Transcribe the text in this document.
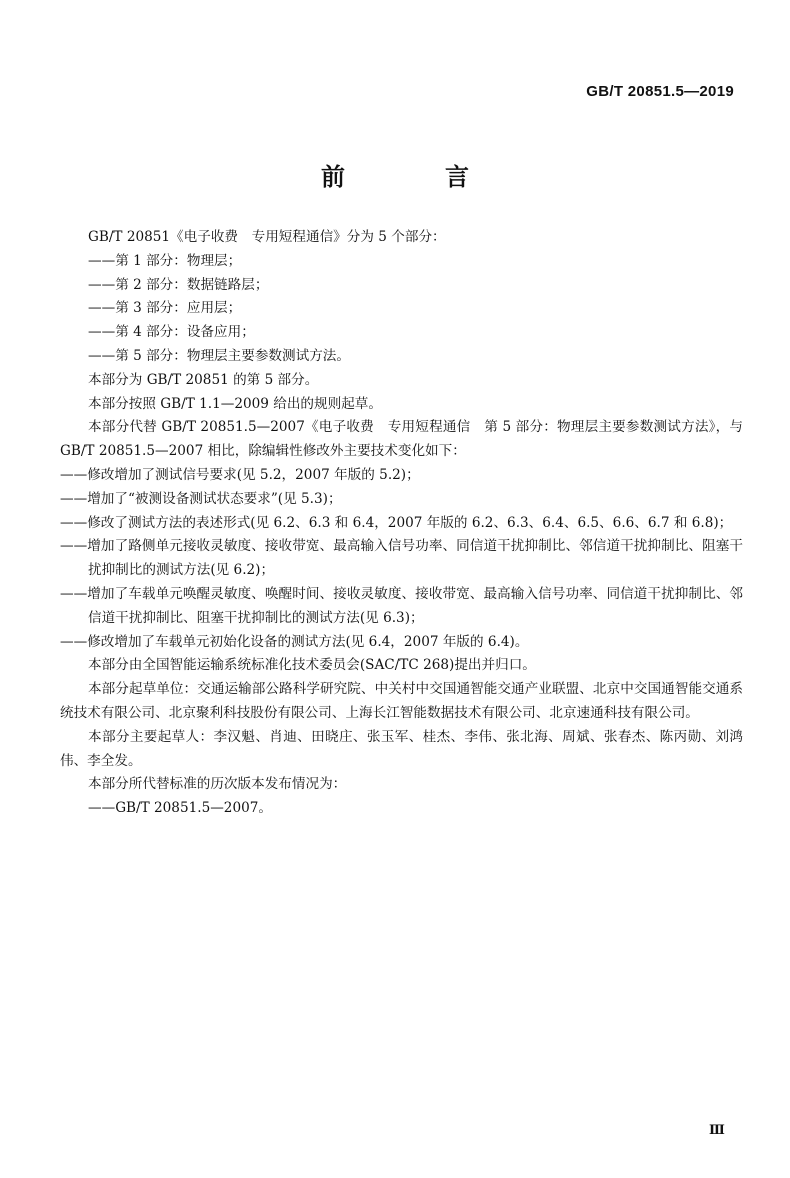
GB/T 20851.5—2019
前　言

GB/T 20851《电子收费　专用短程通信》分为 5 个部分：

——第 1 部分：物理层；

——第 2 部分：数据链路层；

——第 3 部分：应用层；

——第 4 部分：设备应用；

——第 5 部分：物理层主要参数测试方法。

本部分为 GB/T 20851 的第 5 部分。

本部分按照 GB/T 1.1—2009 给出的规则起草。

本部分代替 GB/T 20851.5—2007《电子收费　专用短程通信　第 5 部分：物理层主要参数测试方法》，与 GB/T 20851.5—2007 相比，除编辑性修改外主要技术变化如下：

——修改增加了测试信号要求(见 5.2，2007 年版的 5.2)；

——增加了“被测设备测试状态要求”(见 5.3)；

——修改了测试方法的表述形式(见 6.2、6.3 和 6.4，2007 年版的 6.2、6.3、6.4、6.5、6.6、6.7 和 6.8)；

——增加了路侧单元接收灵敏度、接收带宽、最高输入信号功率、同信道干扰抑制比、邻信道干扰抑制比、阻塞干扰抑制比的测试方法(见 6.2)；

——增加了车载单元唤醒灵敏度、唤醒时间、接收灵敏度、接收带宽、最高输入信号功率、同信道干扰抑制比、邻信道干扰抑制比、阻塞干扰抑制比的测试方法(见 6.3)；

——修改增加了车载单元初始化设备的测试方法(见 6.4，2007 年版的 6.4)。

本部分由全国智能运输系统标准化技术委员会(SAC/TC 268)提出并归口。

本部分起草单位：交通运输部公路科学研究院、中关村中交国通智能交通产业联盟、北京中交国通智能交通系统技术有限公司、北京聚利科技股份有限公司、上海长江智能数据技术有限公司、北京速通科技有限公司。

本部分主要起草人：李汉魁、肖迪、田晓庄、张玉军、桂杰、李伟、张北海、周斌、张春杰、陈丙勋、刘鸿伟、李全发。

本部分所代替标准的历次版本发布情况为：

——GB/T 20851.5—2007。

Ⅲ
